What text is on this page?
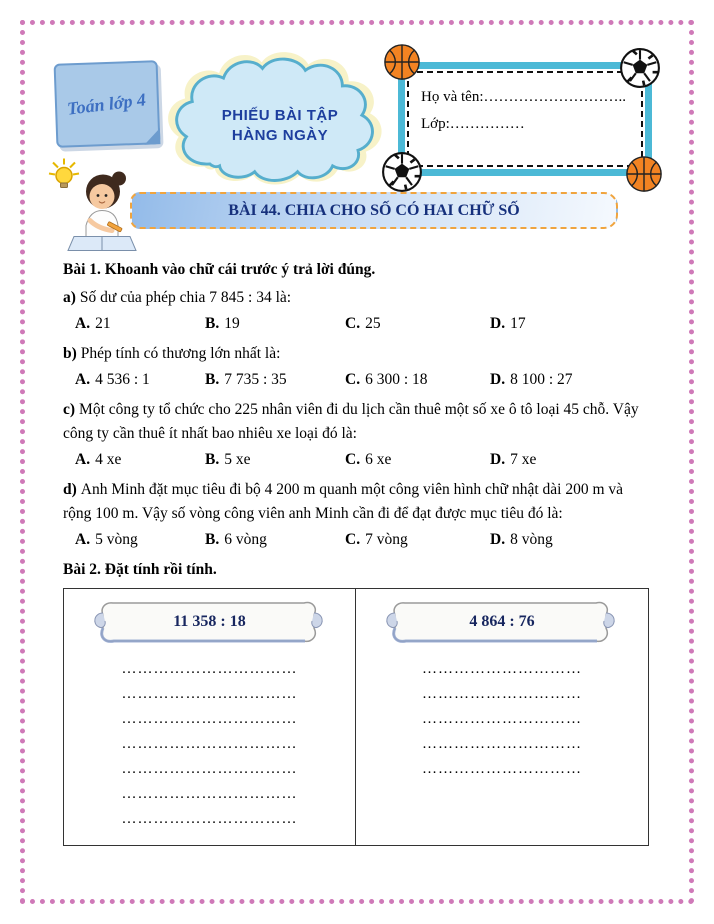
Toán lớp 4	PHIẾU BÀI TẬP
HÀNG NGÀY
Họ và tên:………………………..
Lớp:……………
BÀI 44. CHIA CHO SỐ CÓ HAI CHỮ SỐ

Bài 1. Khoanh vào chữ cái trước ý trả lời đúng.

a) Số dư của phép chia 7 845 : 34 là:

A. 21	B. 19	C. 25	D. 17

b) Phép tính có thương lớn nhất là:

A. 4 536 : 1	B. 7 735 : 35	C. 6 300 : 18	D. 8 100 : 27

c) Một công ty tổ chức cho 225 nhân viên đi du lịch cần thuê một số xe ô tô loại 45 chỗ. Vậy công ty cần thuê ít nhất bao nhiêu xe loại đó là:

A. 4 xe	B. 5 xe	C. 6 xe	D. 7 xe

d) Anh Minh đặt mục tiêu đi bộ 4 200 m quanh một công viên hình chữ nhật dài 200 m và rộng 100 m. Vậy số vòng công viên anh Minh cần đi để đạt được mục tiêu đó là:

A. 5 vòng	B. 6 vòng	C. 7 vòng	D. 8 vòng

Bài 2. Đặt tính rồi tính.

11 358 : 18
……………………………
……………………………
……………………………
……………………………
……………………………
……………………………
……………………………
4 864 : 76
…………………………
…………………………
…………………………
…………………………
…………………………
